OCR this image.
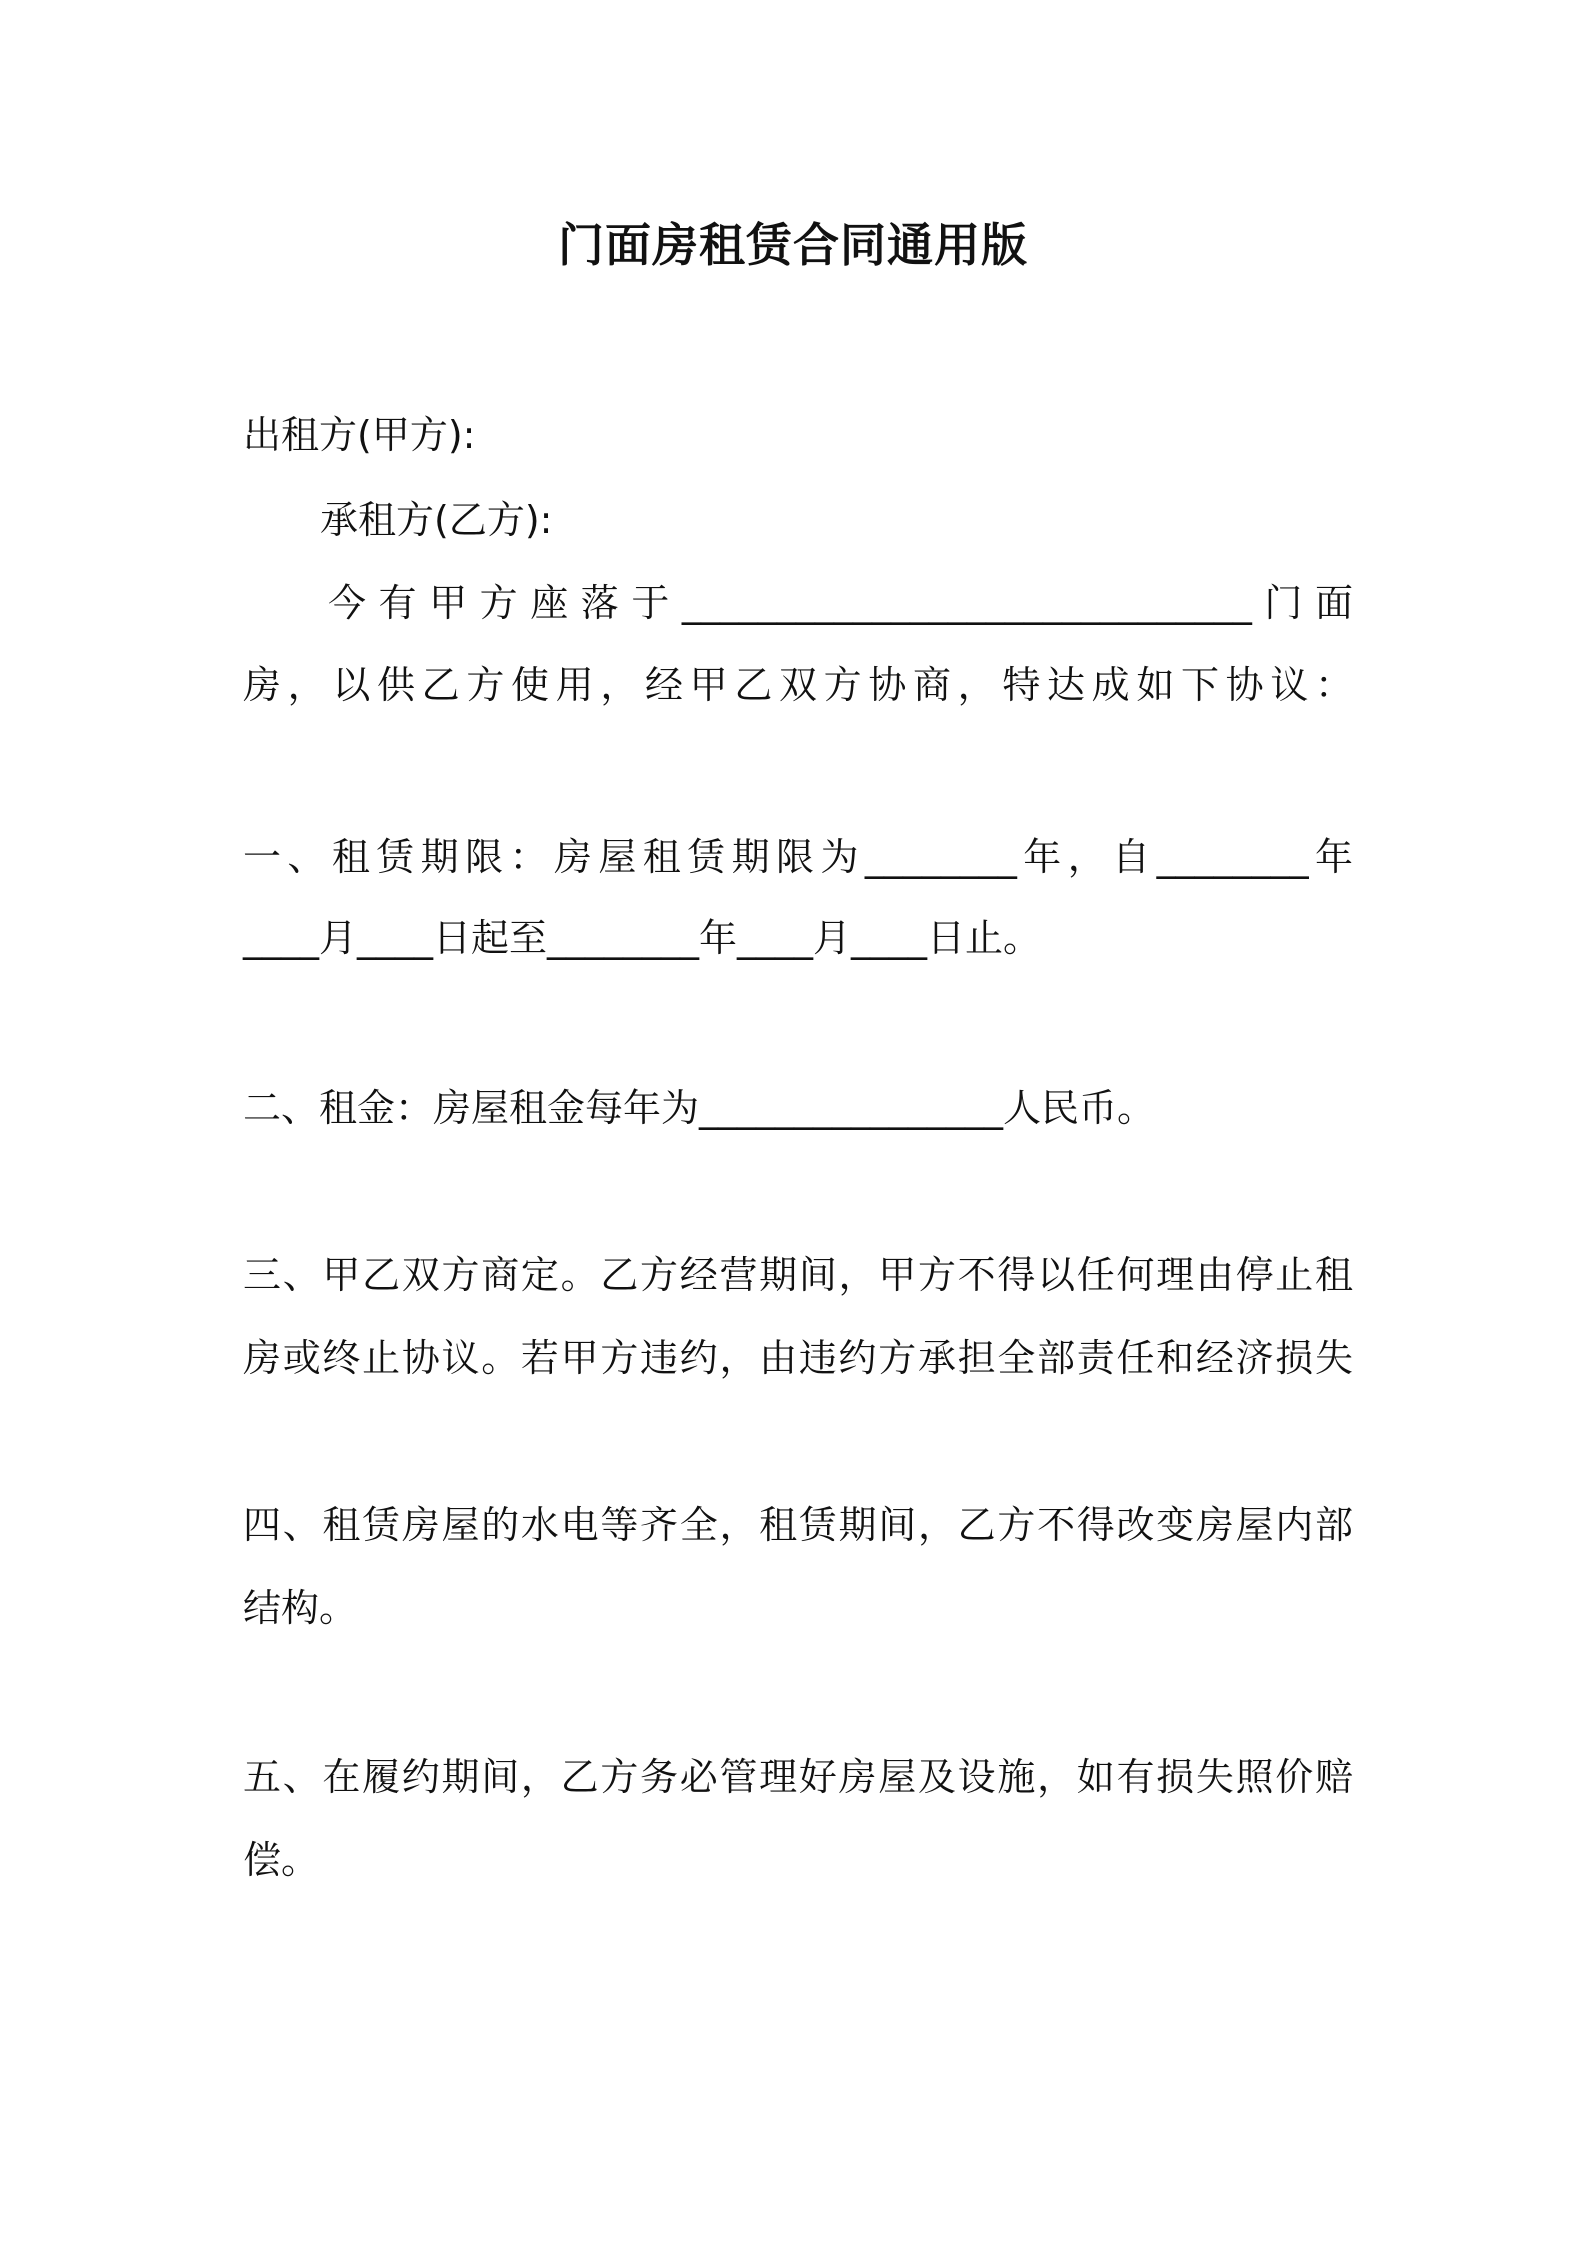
门面房租赁合同通用版
出租方(甲方):
承租方(乙方):
今有甲方座落于______________________________门面
房，以供乙方使用，经甲乙双方协商，特达成如下协议：
一、租赁期限：房屋租赁期限为________年，自________年
____月____日起至________年____月____日止。
二、租金：房屋租金每年为________________人民币。
三、甲乙双方商定。乙方经营期间，甲方不得以任何理由停止租
房或终止协议。若甲方违约，由违约方承担全部责任和经济损失
四、租赁房屋的水电等齐全，租赁期间，乙方不得改变房屋内部
结构。
五、在履约期间，乙方务必管理好房屋及设施，如有损失照价赔
偿。
